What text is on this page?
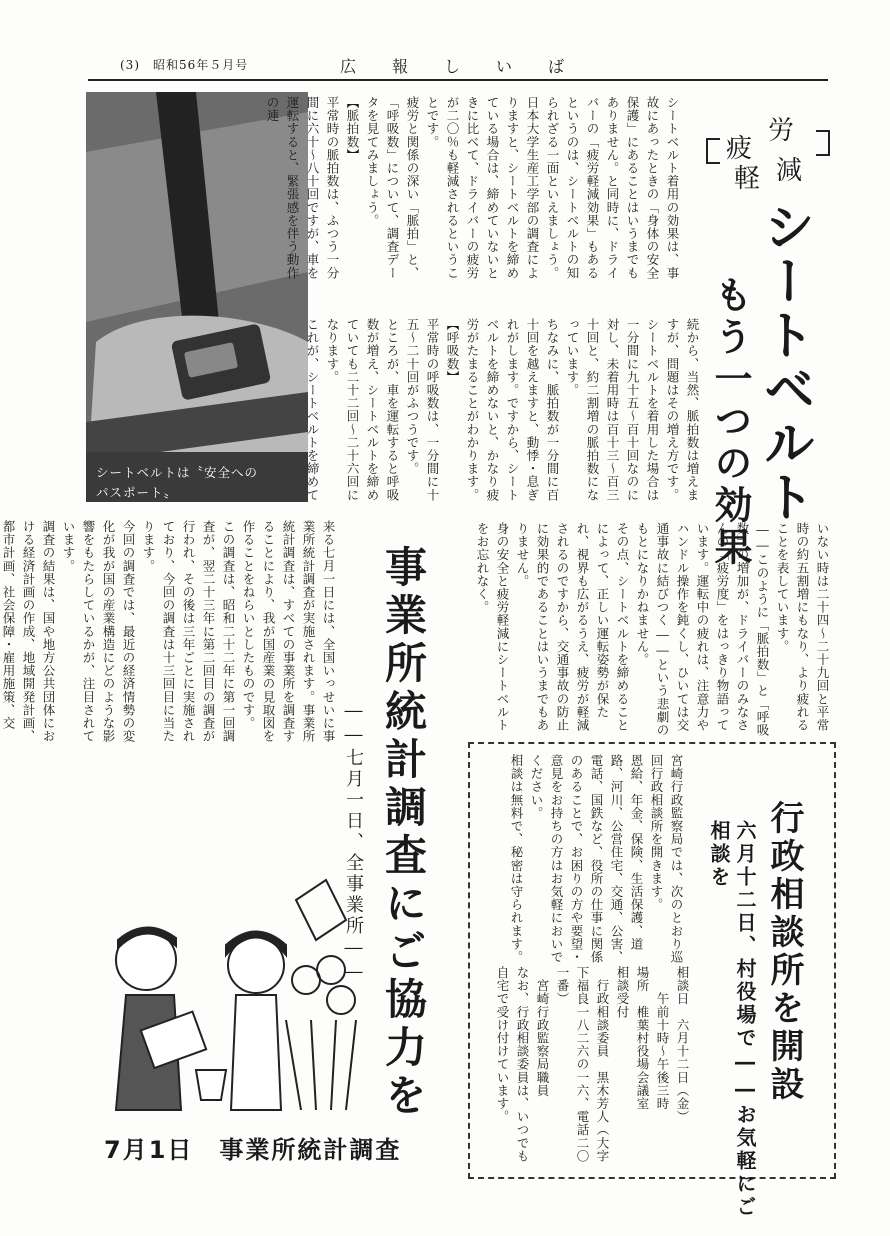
(3)　昭和56年５月号	広　報　し　い　ば
シートベルトは〝安全への
パスポート〟
労
疲
減
軽
シートベルト
もう一つの効果
シートベルト着用の効果は、事故にあったときの「身体の安全保護」にあることはいうまでもありません。と同時に、ドライバーの「疲労軽減効果」もあるというのは、シートベルトの知られざる一面といえましょう。
日本大学生産工学部の調査によりますと、シートベルトを締めている場合は、締めていないときに比べて、ドライバーの疲労が二〇％も軽減されるということです。
疲労と関係の深い「脈拍」と、「呼吸数」について、調査データを見てみましょう。
【脈拍数】
平常時の脈拍数は、ふつう一分間に六十〜八十回ですが、車を運転すると、緊張感を伴う動作の連
続から、当然、脈拍数は増えますが、問題はその増え方です。
シートベルトを着用した場合は一分間に九十五〜百十回なのに対し、未着用時は百十三〜百三十回と、約二割増の脈拍数になっています。
ちなみに、脈拍数が一分間に百十回を越えますと、動悸・息ぎれがします。ですから、シートベルトを締めないと、かなり疲労がたまることがわかります。
【呼吸数】
平常時の呼吸数は、一分間に十五〜二十回がふつうです。
ところが、車を運転すると呼吸数が増え、シートベルトを締めていても二十二回〜二十六回になります。
これが、シートベルトを締めて
いない時は二十四〜二十九回と平常時の約五割増にもなり、より疲れることを表しています。
――このように「脈拍数」と「呼吸数」の増加が、ドライバーのみなさんの「疲労度」をはっきり物語っています。運転中の疲れは、注意力やハンドル操作を鈍くし、ひいては交通事故に結びつく――という悲劇のもとになりかねません。
その点、シートベルトを締めることによって、正しい運転姿勢が保たれ、視界も広がるうえ、疲労が軽減されるのですから、交通事故の防止に効果的であることはいうまでもありません。
身の安全と疲労軽減にシートベルトをお忘れなく。
事業所統計調査にご協力を
――七月一日、全事業所――
来る七月一日には、全国いっせいに事業所統計調査が実施されます。事業所統計調査は、すべての事業所を調査することにより、我が国産業の見取図を作ることをねらいとしたものです。
この調査は、昭和二十二年に第一回調査が、翌二十三年に第二回目の調査が行われ、その後は三年ごとに実施されており、今回の調査は十三回目に当たります。
今回の調査では、最近の経済情勢の変化が我が国の産業構造にどのような影響をもたらしているかが、注目されています。
調査の結果は、国や地方公共団体における経済計画の作成、地域開発計画、都市計画、社会保障・雇用施策、交
7月1日　事業所統計調査
行政相談所を開設
六月十二日、村役場で――お気軽にご相談を
宮崎行政監察局では、次のとおり巡回行政相談所を開きます。
恩給、年金、保険、生活保護、道路、河川、公営住宅、交通、公害、電話、国鉄など、役所の仕事に関係のあることで、お困りの方や要望・意見をお持ちの方はお気軽においでください。
相談は無料で、秘密は守られます。
相談日　六月十二日（金）
　　午前十時〜午後三時
場所　椎葉村役場会議室
相談受付
　行政相談委員　黒木芳人（大字下福良一八二六の一六、電話二〇一番）
　宮崎行政監察局職員
なお、行政相談委員は、いつでも自宅で受け付けています。
